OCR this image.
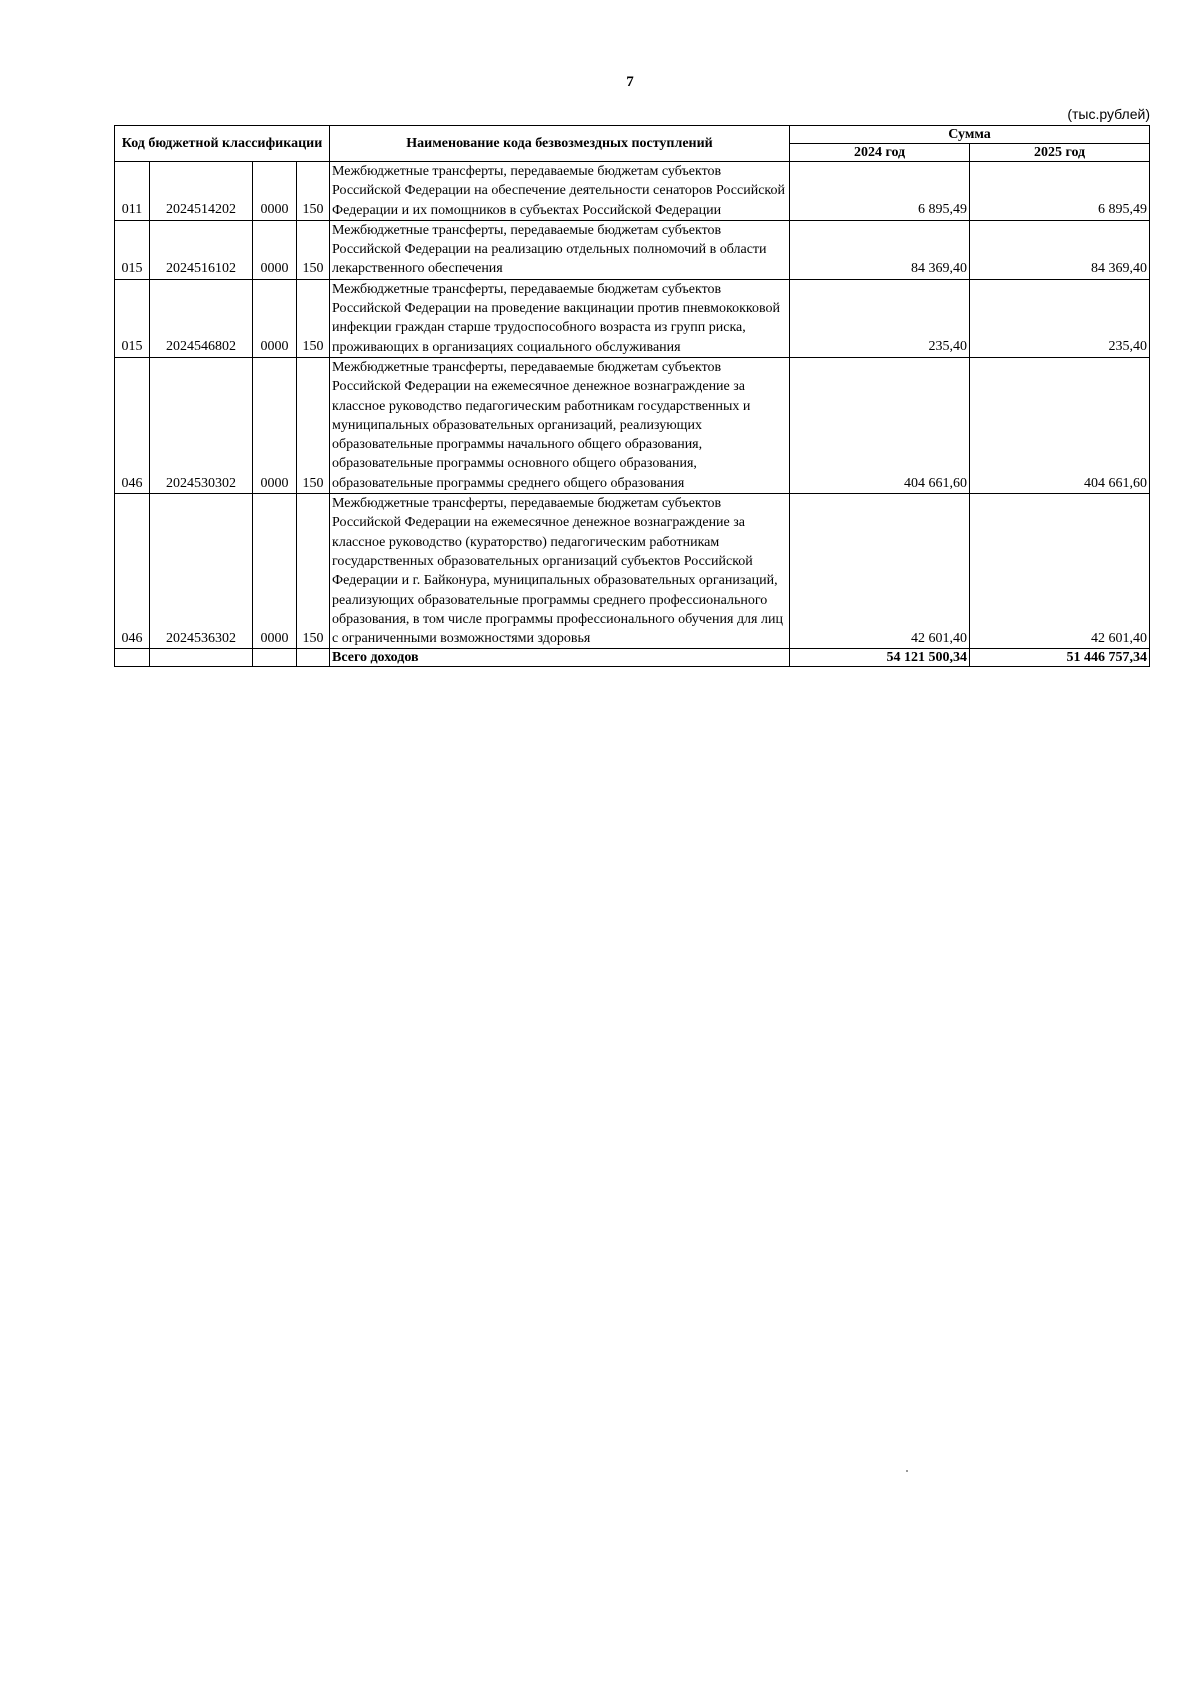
7
(тыс.рублей)
Код бюджетной классификации				Наименование кода безвозмездных поступлений	Сумма	
					2024 год	2025 год
011	2024514202	0000	150	Межбюджетные трансферты, передаваемые бюджетам субъектов Российской Федерации на обеспечение деятельности сенаторов Российской Федерации и их помощников в субъектах Российской Федерации	6 895,49	6 895,49
015	2024516102	0000	150	Межбюджетные трансферты, передаваемые бюджетам субъектов Российской Федерации на реализацию отдельных полномочий в области лекарственного обеспечения	84 369,40	84 369,40
015	2024546802	0000	150	Межбюджетные трансферты, передаваемые бюджетам субъектов Российской Федерации на проведение вакцинации против пневмококковой инфекции граждан старше трудоспособного возраста из групп риска, проживающих в организациях социального обслуживания	235,40	235,40
046	2024530302	0000	150	Межбюджетные трансферты, передаваемые бюджетам субъектов Российской Федерации на ежемесячное денежное вознаграждение за классное руководство педагогическим работникам государственных и муниципальных образовательных организаций, реализующих образовательные программы начального общего образования, образовательные программы основного общего образования, образовательные программы среднего общего образования	404 661,60	404 661,60
046	2024536302	0000	150	Межбюджетные трансферты, передаваемые бюджетам субъектов Российской Федерации на ежемесячное денежное вознаграждение за классное руководство (кураторство) педагогическим работникам государственных образовательных организаций субъектов Российской Федерации и г. Байконура, муниципальных образовательных организаций, реализующих образовательные программы среднего профессионального образования, в том числе программы профессионального обучения для лиц с ограниченными возможностями здоровья	42 601,40	42 601,40
				Всего доходов	54 121 500,34	51 446 757,34
